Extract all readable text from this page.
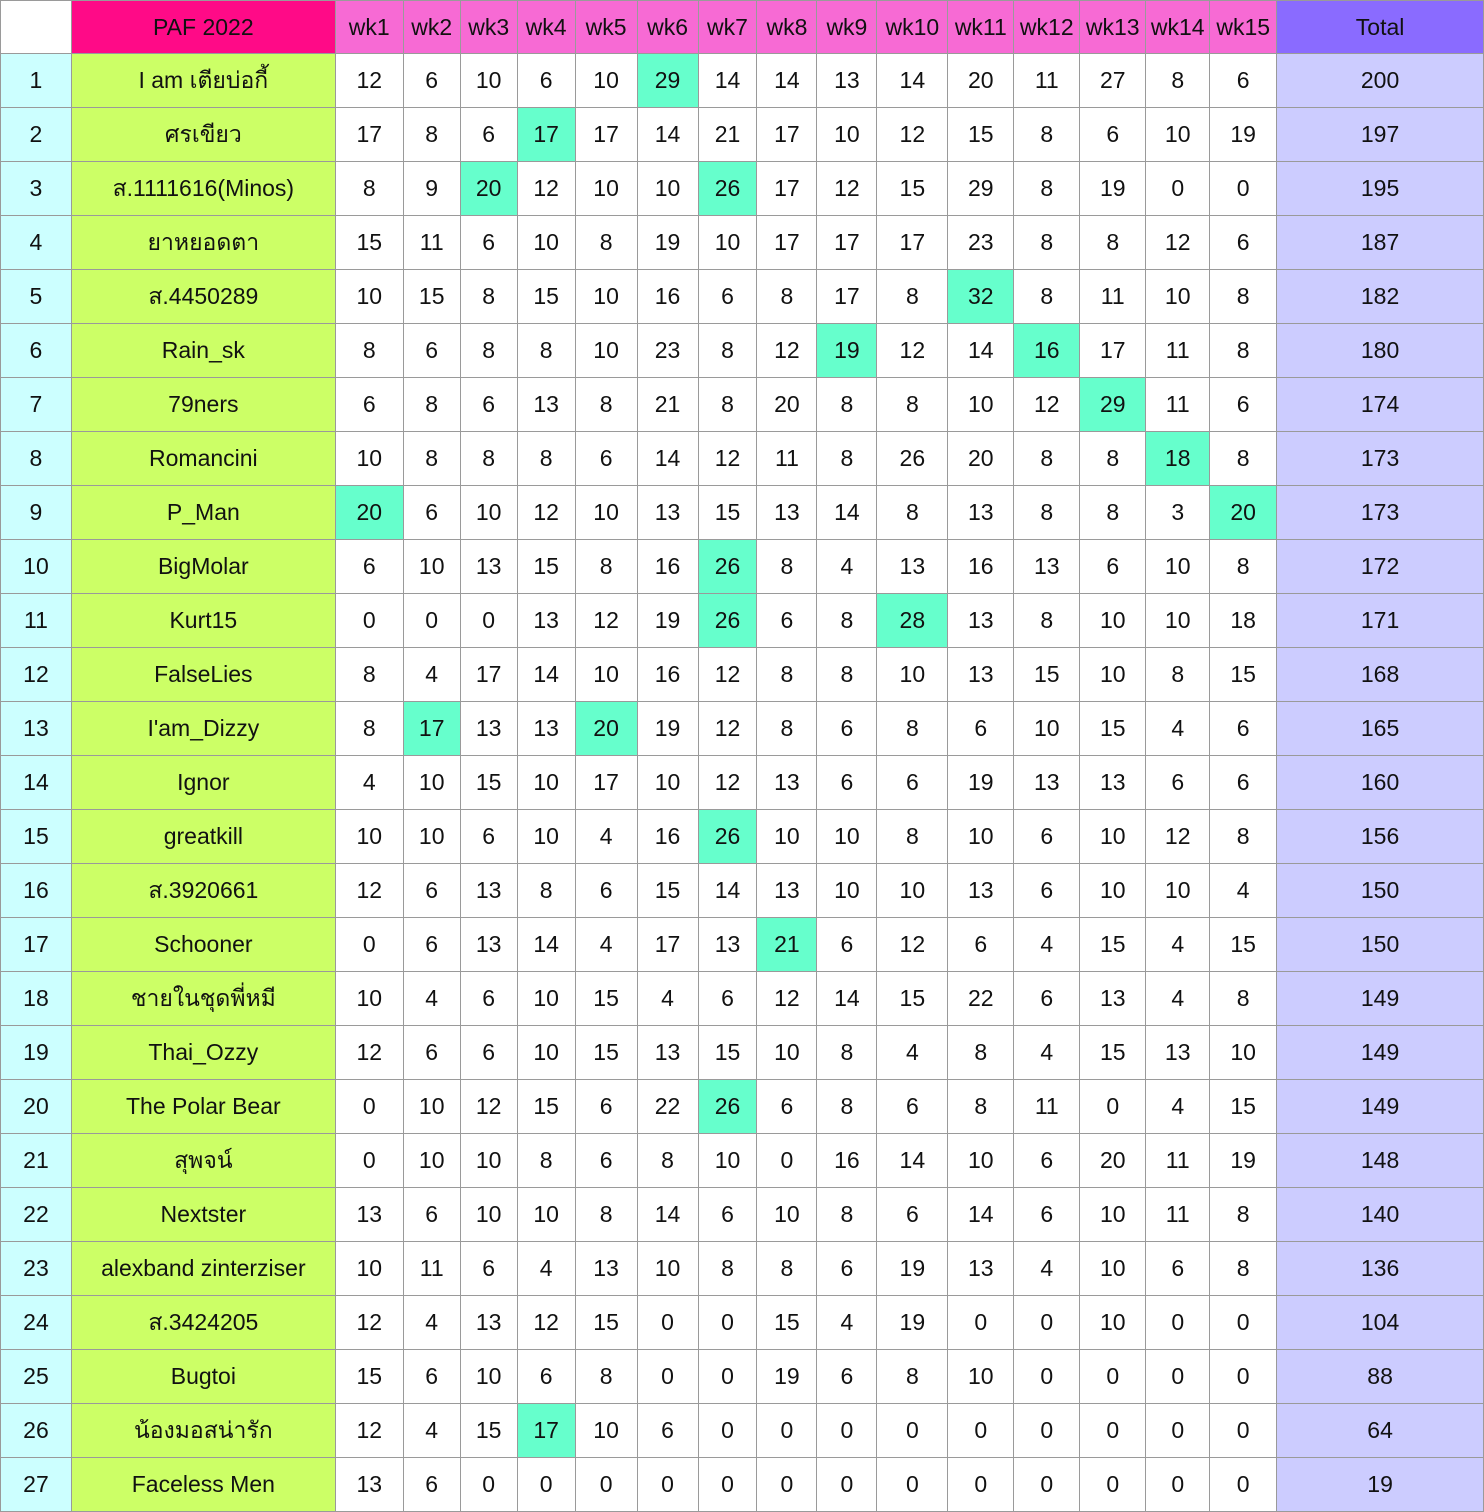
	PAF 2022	wk1	wk2	wk3	wk4	wk5	wk6	wk7	wk8	wk9	wk10	wk11	wk12	wk13	wk14	wk15	Total
1	I am เตียบ่อกี้	12	6	10	6	10	29	14	14	13	14	20	11	27	8	6	200
2	ศรเขียว	17	8	6	17	17	14	21	17	10	12	15	8	6	10	19	197
3	ส.1111616(Minos)	8	9	20	12	10	10	26	17	12	15	29	8	19	0	0	195
4	ยาหยอดตา	15	11	6	10	8	19	10	17	17	17	23	8	8	12	6	187
5	ส.4450289	10	15	8	15	10	16	6	8	17	8	32	8	11	10	8	182
6	Rain_sk	8	6	8	8	10	23	8	12	19	12	14	16	17	11	8	180
7	79ners	6	8	6	13	8	21	8	20	8	8	10	12	29	11	6	174
8	Romancini	10	8	8	8	6	14	12	11	8	26	20	8	8	18	8	173
9	P_Man	20	6	10	12	10	13	15	13	14	8	13	8	8	3	20	173
10	BigMolar	6	10	13	15	8	16	26	8	4	13	16	13	6	10	8	172
11	Kurt15	0	0	0	13	12	19	26	6	8	28	13	8	10	10	18	171
12	FalseLies	8	4	17	14	10	16	12	8	8	10	13	15	10	8	15	168
13	I'am_Dizzy	8	17	13	13	20	19	12	8	6	8	6	10	15	4	6	165
14	Ignor	4	10	15	10	17	10	12	13	6	6	19	13	13	6	6	160
15	greatkill	10	10	6	10	4	16	26	10	10	8	10	6	10	12	8	156
16	ส.3920661	12	6	13	8	6	15	14	13	10	10	13	6	10	10	4	150
17	Schooner	0	6	13	14	4	17	13	21	6	12	6	4	15	4	15	150
18	ชายในชุดพี่หมี	10	4	6	10	15	4	6	12	14	15	22	6	13	4	8	149
19	Thai_Ozzy	12	6	6	10	15	13	15	10	8	4	8	4	15	13	10	149
20	The Polar Bear	0	10	12	15	6	22	26	6	8	6	8	11	0	4	15	149
21	สุพจน์	0	10	10	8	6	8	10	0	16	14	10	6	20	11	19	148
22	Nextster	13	6	10	10	8	14	6	10	8	6	14	6	10	11	8	140
23	alexband zinterziser	10	11	6	4	13	10	8	8	6	19	13	4	10	6	8	136
24	ส.3424205	12	4	13	12	15	0	0	15	4	19	0	0	10	0	0	104
25	Bugtoi	15	6	10	6	8	0	0	19	6	8	10	0	0	0	0	88
26	น้องมอสน่ารัก	12	4	15	17	10	6	0	0	0	0	0	0	0	0	0	64
27	Faceless Men	13	6	0	0	0	0	0	0	0	0	0	0	0	0	0	19
